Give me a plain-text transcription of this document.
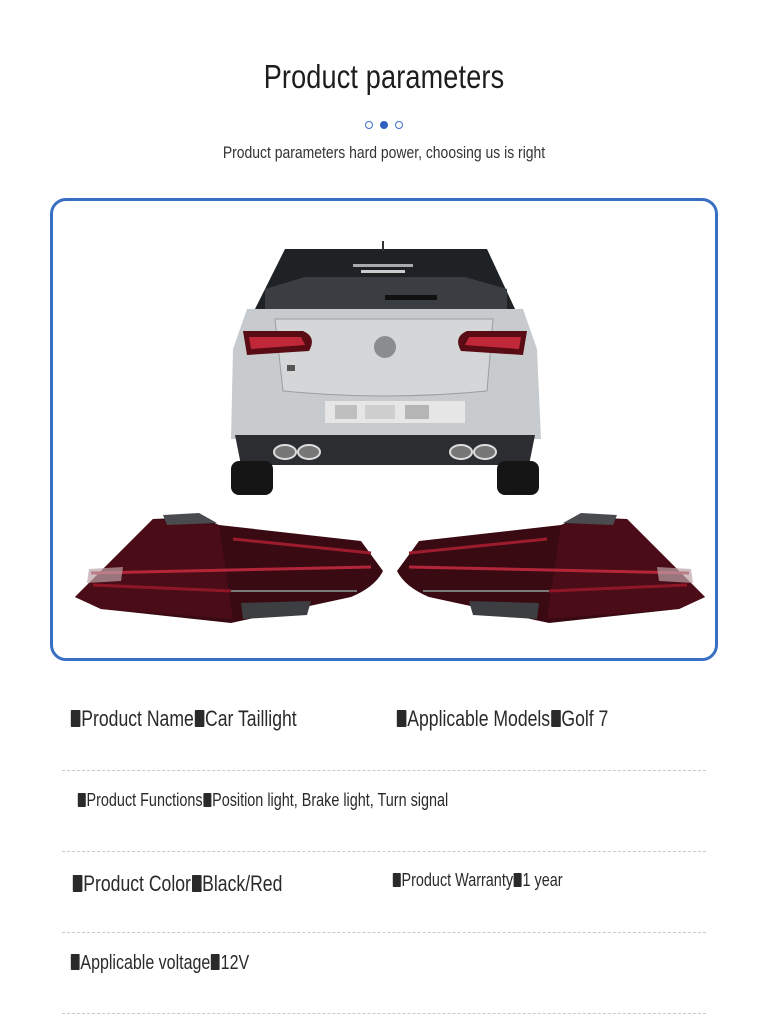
Product parameters
Product parameters hard power, choosing us is right
Product Name Car Taillight	Applicable Models Golf 7
Product Functions Position light, Brake light, Turn signal
Product Color Black/Red	Product Warranty 1 year
Applicable voltage 12V
